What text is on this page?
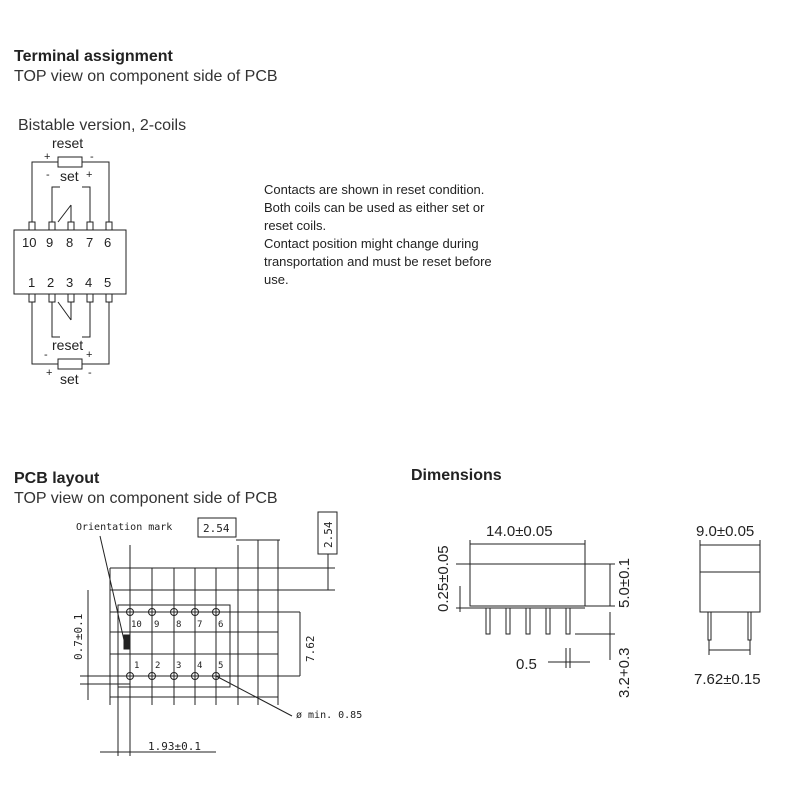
Terminal assignment
TOP view on component side of PCB
Bistable version, 2-coils

Contacts are shown in reset condition.

Both coils can be used as either set or

reset coils.

Contact position might change during

transportation and must be reset before

use.

reset
set
+	-
-	+
10 9 8 7 6
1 2 3 4 5
reset
set
-	+
+	-
PCB layout
TOP view on component side of PCB
Orientation mark	2.54	2.54
7.62
0.7±0.1
1.93±0.1
ø min. 0.85
10 9 8 7 6
1 2 3 4 5
Dimensions
14.0±0.05
0.25±0.05	5.0±0.1
0.5	3.2+0.3
9.0±0.05
7.62±0.15
